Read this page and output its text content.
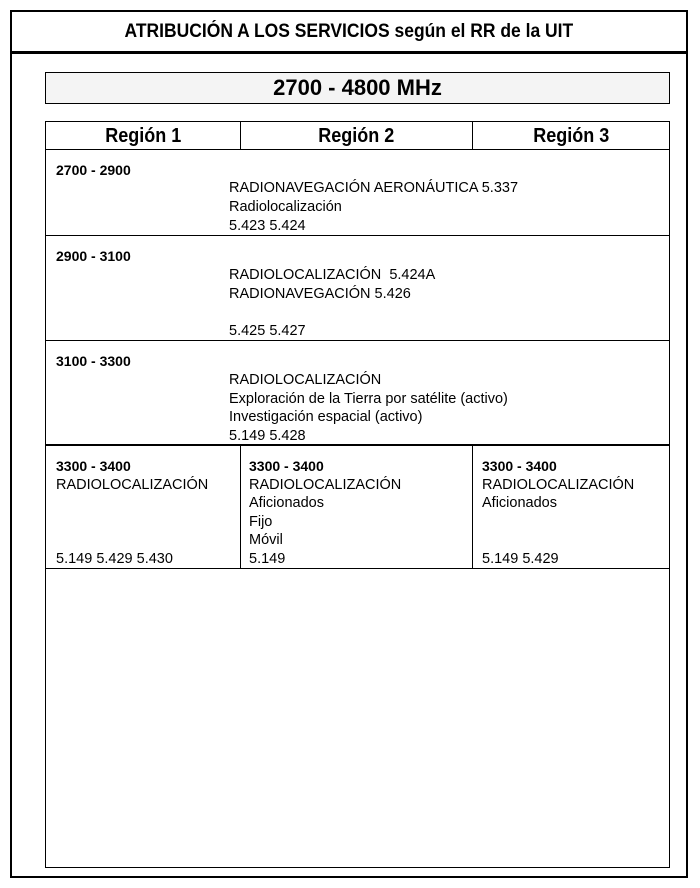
ATRIBUCIÓN A LOS SERVICIOS según el RR de la UIT
2700 - 4800 MHz
Región 1	Región 2	Región 3
2700 - 2900
RADIONAVEGACIÓN AERONÁUTICA 5.337
Radiolocalización
5.423 5.424
2900 - 3100
RADIOLOCALIZACIÓN  5.424A
RADIONAVEGACIÓN 5.426
5.425 5.427
3100 - 3300
RADIOLOCALIZACIÓN
Exploración de la Tierra por satélite (activo)
Investigación espacial (activo)
5.149 5.428
3300 - 3400
RADIOLOCALIZACIÓN
5.149 5.429 5.430
3300 - 3400
RADIOLOCALIZACIÓN
Aficionados
Fijo
Móvil
5.149
3300 - 3400
RADIOLOCALIZACIÓN
Aficionados
5.149 5.429
